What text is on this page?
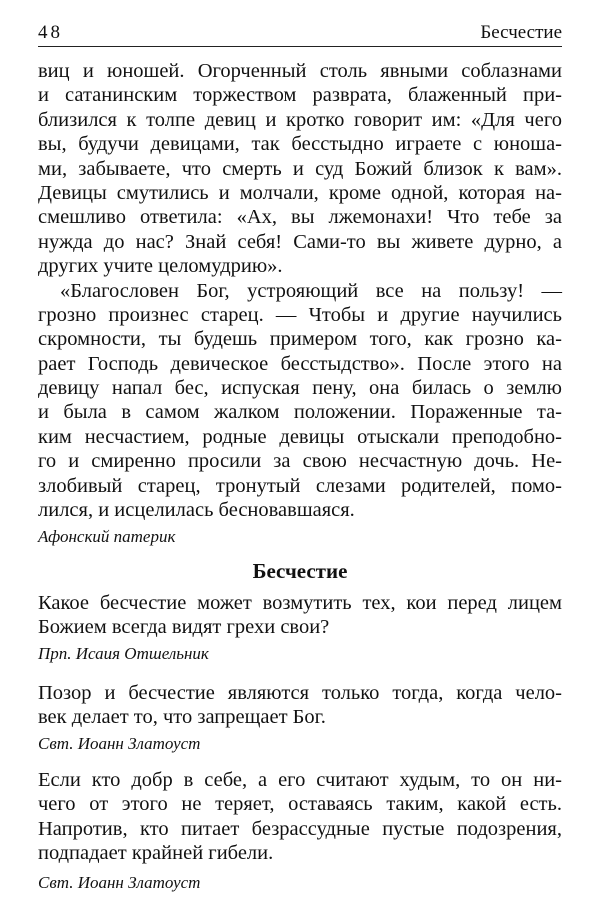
48	Бесчестие
виц и юношей. Огорченный столь явными соблазнами
и сатанинским торжеством разврата, блаженный при-
близился к толпе девиц и кротко говорит им: «Для чего
вы, будучи девицами, так бесстыдно играете с юноша-
ми, забываете, что смерть и суд Божий близок к вам».
Девицы смутились и молчали, кроме одной, которая на-
смешливо ответила: «Ах, вы лжемонахи! Что тебе за
нужда до нас? Знай себя! Сами-то вы живете дурно, а
других учите целомудрию».
«Благословен Бог, устрояющий все на пользу! —
грозно произнес старец. — Чтобы и другие научились
скромности, ты будешь примером того, как грозно ка-
рает Господь девическое бесстыдство». После этого на
девицу напал бес, испуская пену, она билась о землю
и была в самом жалком положении. Пораженные та-
ким несчастием, родные девицы отыскали преподобно-
го и смиренно просили за свою несчастную дочь. Не-
злобивый старец, тронутый слезами родителей, помо-
лился, и исцелилась бесновавшаяся.
Афонский патерик
Бесчестие
Какое бесчестие может возмутить тех, кои перед лицем
Божием всегда видят грехи свои?
Прп. Исаия Отшельник
Позор и бесчестие являются только тогда, когда чело-
век делает то, что запрещает Бог.
Свт. Иоанн Златоуст
Если кто добр в себе, а его считают худым, то он ни-
чего от этого не теряет, оставаясь таким, какой есть.
Напротив, кто питает безрассудные пустые подозрения,
подпадает крайней гибели.
Свт. Иоанн Златоуст
